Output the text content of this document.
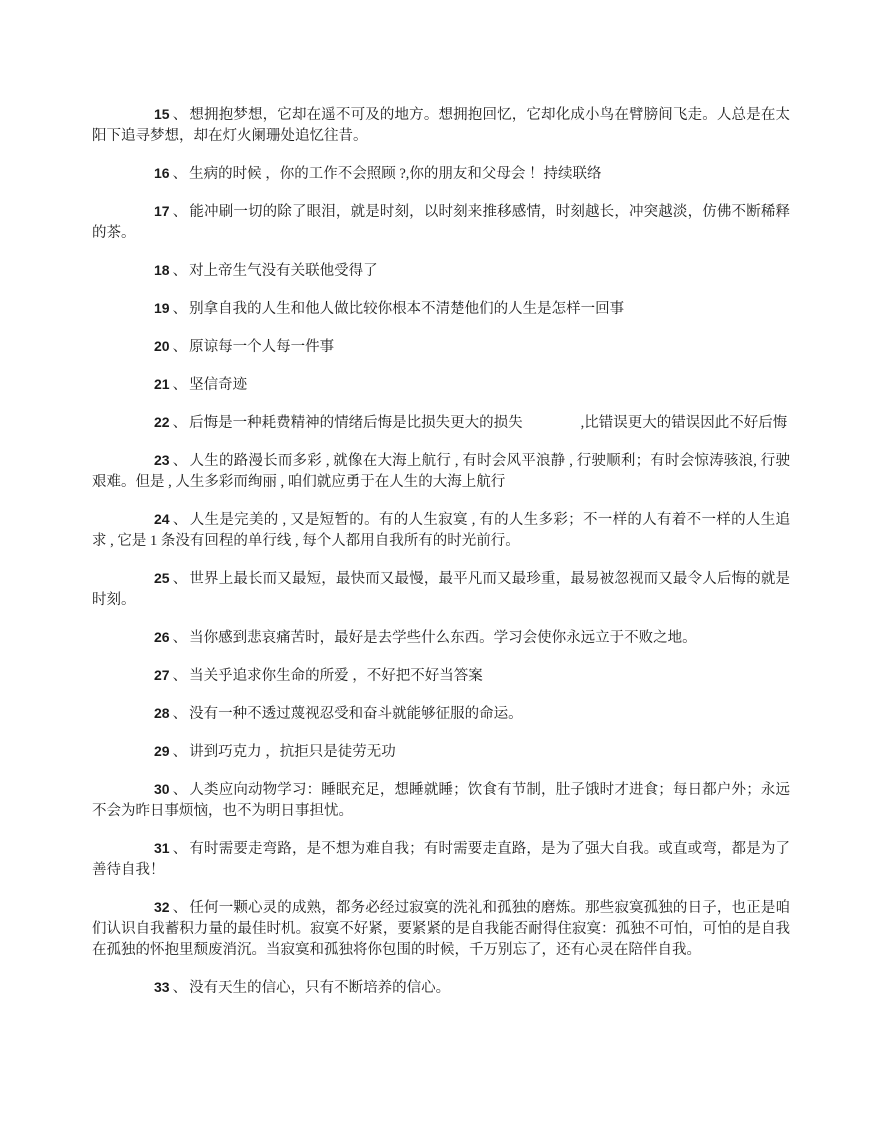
15 、 想拥抱梦想，它却在遥不可及的地方。想拥抱回忆，它却化成小鸟在臂膀间飞走。人总是在太阳下追寻梦想，却在灯火阑珊处追忆往昔。

16 、 生病的时候 ，你的工作不会照顾 ?,你的朋友和父母会 ！持续联络

17 、 能冲刷一切的除了眼泪，就是时刻，以时刻来推移感情，时刻越长，冲突越淡，仿佛不断稀释的茶。

18 、 对上帝生气没有关联他受得了

19 、 别拿自我的人生和他人做比较你根本不清楚他们的人生是怎样一回事

20 、 原谅每一个人每一件事

21 、 坚信奇迹

22 、 后悔是一种耗费精神的情绪后悔是比损失更大的损失　　　　,比错误更大的错误因此不好后悔

23 、 人生的路漫长而多彩 , 就像在大海上航行 , 有时会风平浪静 , 行驶顺利；有时会惊涛骇浪, 行驶艰难。但是 , 人生多彩而绚丽 , 咱们就应勇于在人生的大海上航行

24 、 人生是完美的 , 又是短暂的。有的人生寂寞 , 有的人生多彩；不一样的人有着不一样的人生追求 , 它是 1 条没有回程的单行线 , 每个人都用自我所有的时光前行。

25 、 世界上最长而又最短，最快而又最慢，最平凡而又最珍重，最易被忽视而又最令人后悔的就是时刻。

26 、 当你感到悲哀痛苦时，最好是去学些什么东西。学习会使你永远立于不败之地。

27 、 当关乎追求你生命的所爱 ，不好把不好当答案

28 、 没有一种不透过蔑视忍受和奋斗就能够征服的命运。

29 、 讲到巧克力 ，抗拒只是徒劳无功

30 、 人类应向动物学习：睡眠充足，想睡就睡；饮食有节制，肚子饿时才进食；每日都户外；永远不会为昨日事烦恼，也不为明日事担忧。

31 、 有时需要走弯路，是不想为难自我；有时需要走直路，是为了强大自我。或直或弯，都是为了善待自我！

32 、 任何一颗心灵的成熟，都务必经过寂寞的洗礼和孤独的磨炼。那些寂寞孤独的日子，也正是咱们认识自我蓄积力量的最佳时机。寂寞不好紧，要紧紧的是自我能否耐得住寂寞：孤独不可怕，可怕的是自我在孤独的怀抱里颓废消沉。当寂寞和孤独将你包围的时候，千万别忘了，还有心灵在陪伴自我。

33 、 没有天生的信心，只有不断培养的信心。
